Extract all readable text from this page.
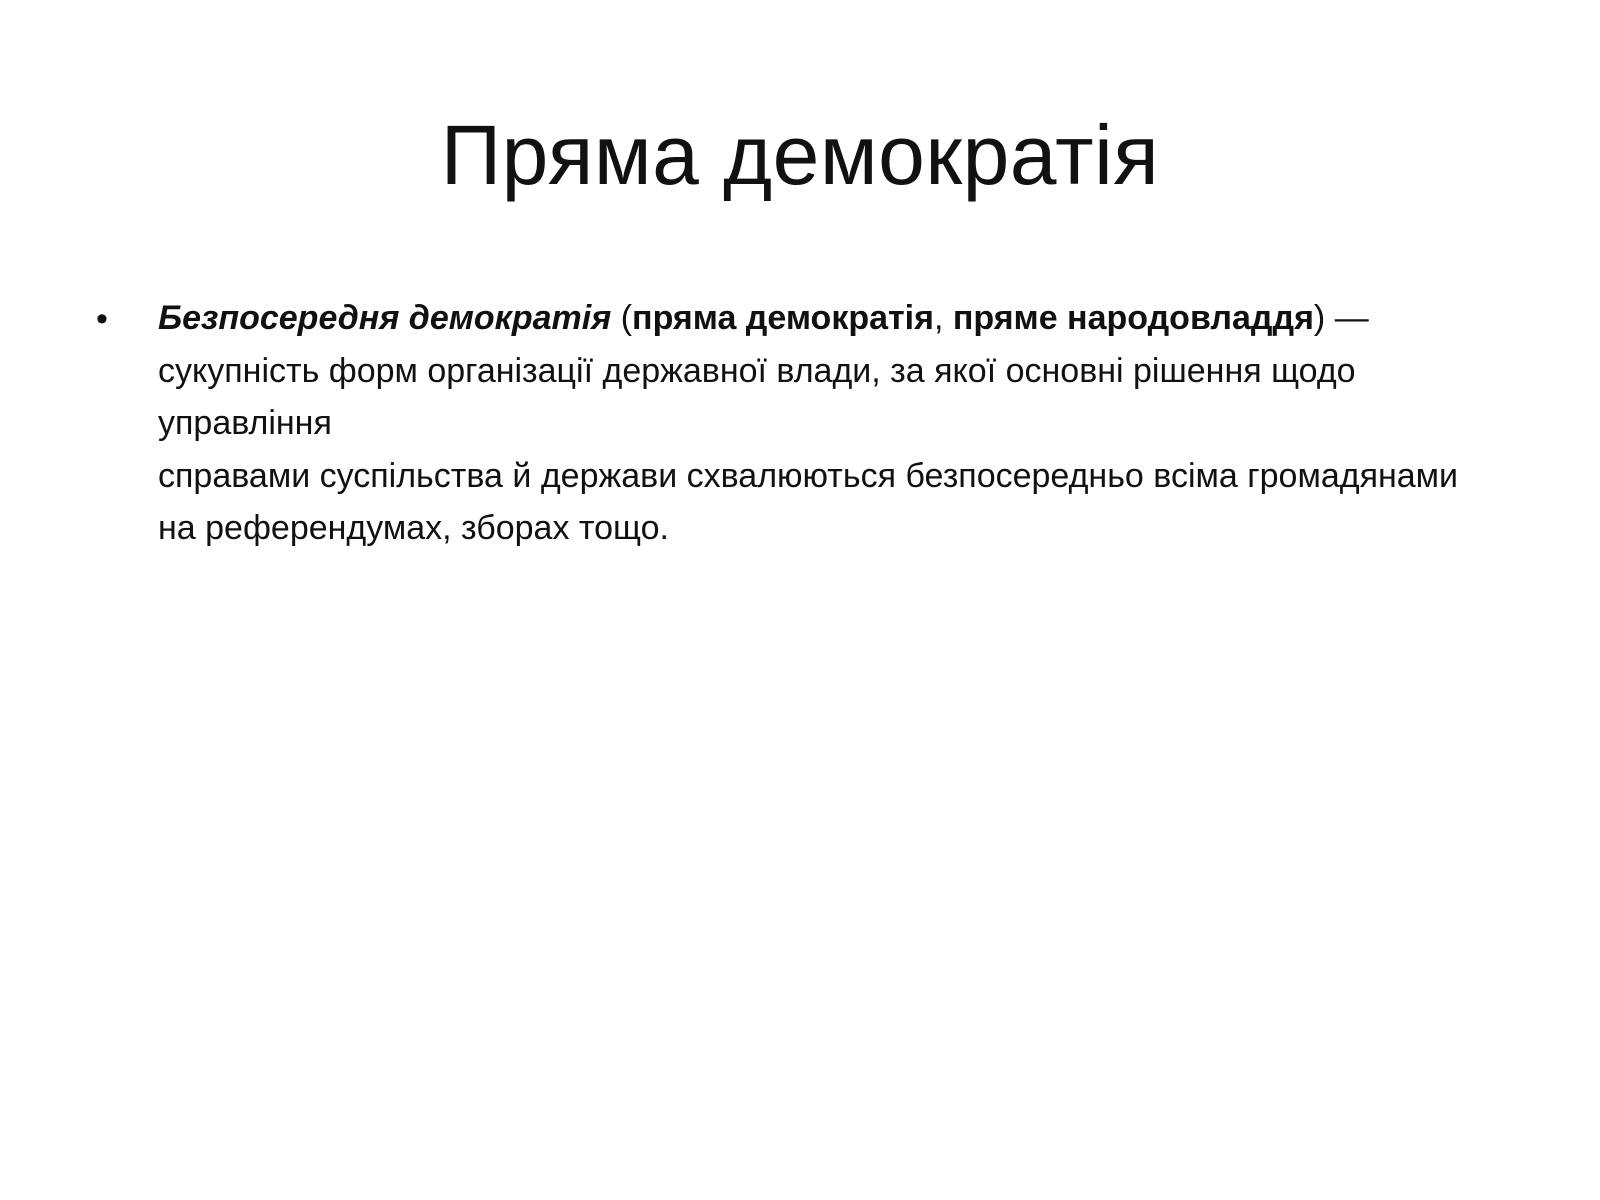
Пряма демократія
•	Безпосередня демократія (пряма демократія, пряме народовладдя) — сукупність форм організації державної влади, за якої основні рішення щодо управління
справами суспільства й держави схвалюються безпосередньо всіма громадянами на референдумах, зборах тощо.
